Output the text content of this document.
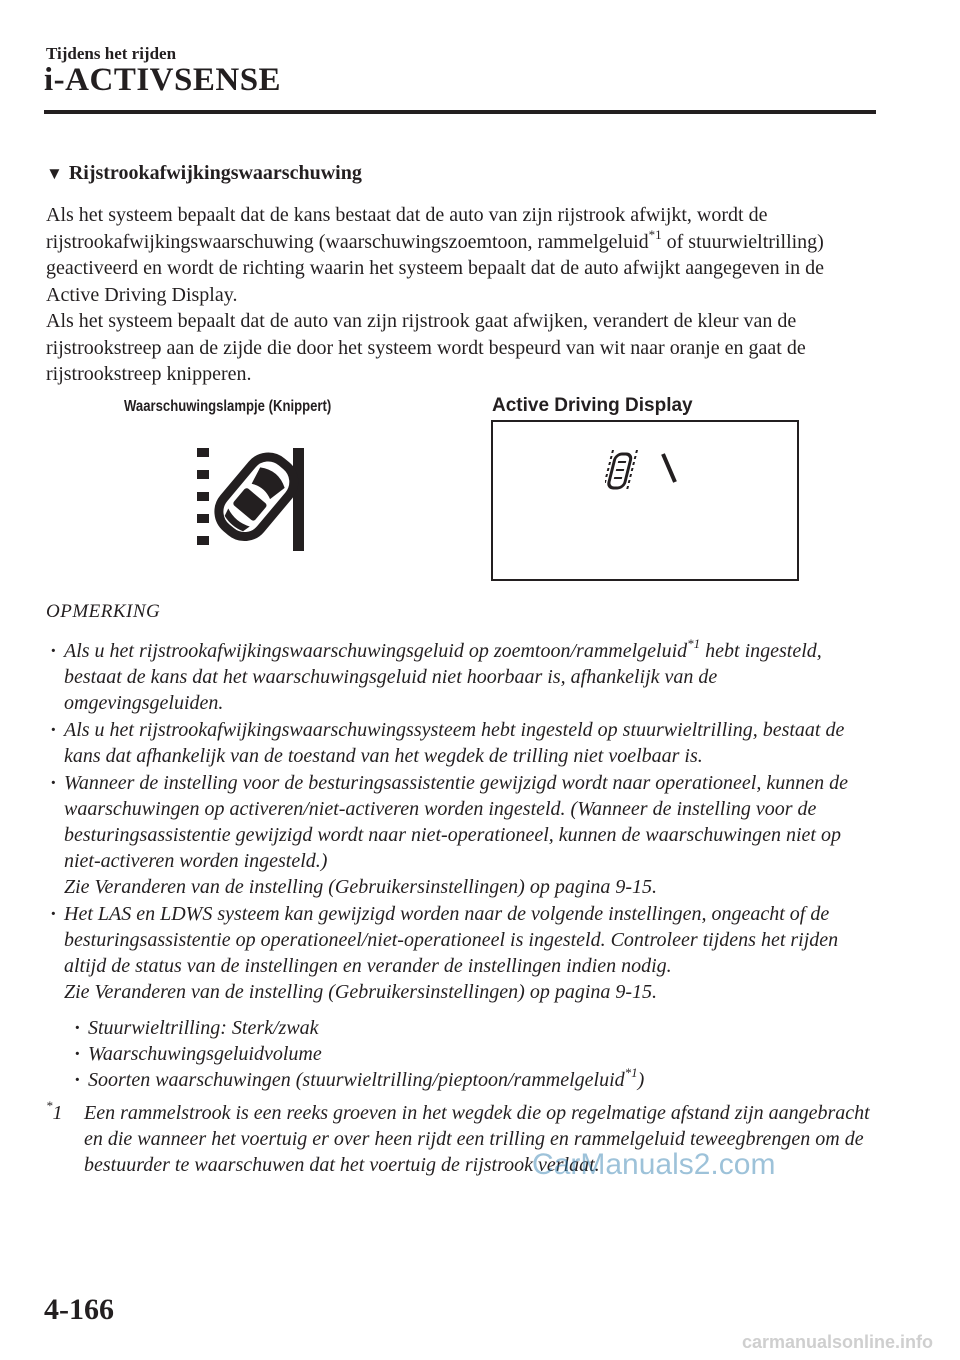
Tijdens het rijden
i-ACTIVSENSE
▼ Rijstrookafwijkingswaarschuwing

Als het systeem bepaalt dat de kans bestaat dat de auto van zijn rijstrook afwijkt, wordt de rijstrookafwijkingswaarschuwing (waarschuwingszoemtoon, rammelgeluid$^{*1}$ of stuurwieltrilling) geactiveerd en wordt de richting waarin het systeem bepaalt dat de auto afwijkt aangegeven in de Active Driving Display.

Als het systeem bepaalt dat de auto van zijn rijstrook gaat afwijken, verandert de kleur van de rijstrookstreep aan de zijde die door het systeem wordt bespeurd van wit naar oranje en gaat de rijstrookstreep knipperen.

Waarschuwingslampje (Knippert)	Active Driving Display
OPMERKING
· Als u het rijstrookafwijkingswaarschuwingsgeluid op zoemtoon/rammelgeluid$^{*1}$ hebt ingesteld, bestaat de kans dat het waarschuwingsgeluid niet hoorbaar is, afhankelijk van de omgevingsgeluiden.
· Als u het rijstrookafwijkingswaarschuwingssysteem hebt ingesteld op stuurwieltrilling, bestaat de kans dat afhankelijk van de toestand van het wegdek de trilling niet voelbaar is.
· Wanneer de instelling voor de besturingsassistentie gewijzigd wordt naar operationeel, kunnen de waarschuwingen op activeren/niet-activeren worden ingesteld. (Wanneer de instelling voor de besturingsassistentie gewijzigd wordt naar niet-operationeel, kunnen de waarschuwingen niet op niet-activeren worden ingesteld.)
Zie Veranderen van de instelling (Gebruikersinstellingen) op pagina 9-15.
· Het LAS en LDWS systeem kan gewijzigd worden naar de volgende instellingen, ongeacht of de besturingsassistentie op operationeel/niet-operationeel is ingesteld. Controleer tijdens het rijden altijd de status van de instellingen en verander de instellingen indien nodig.
Zie Veranderen van de instelling (Gebruikersinstellingen) op pagina 9-15.
· Stuurwieltrilling: Sterk/zwak
· Waarschuwingsgeluidvolume
· Soorten waarschuwingen (stuurwieltrilling/pieptoon/rammelgeluid$^{*1}$)
*1 Een rammelstrook is een reeks groeven in het wegdek die op regelmatige afstand zijn aangebracht en die wanneer het voertuig er over heen rijdt een trilling en rammelgeluid teweegbrengen om de bestuurder te waarschuwen dat het voertuig de rijstrook verlaat.
CarManuals2.com
4-166
carmanualsonline.info
